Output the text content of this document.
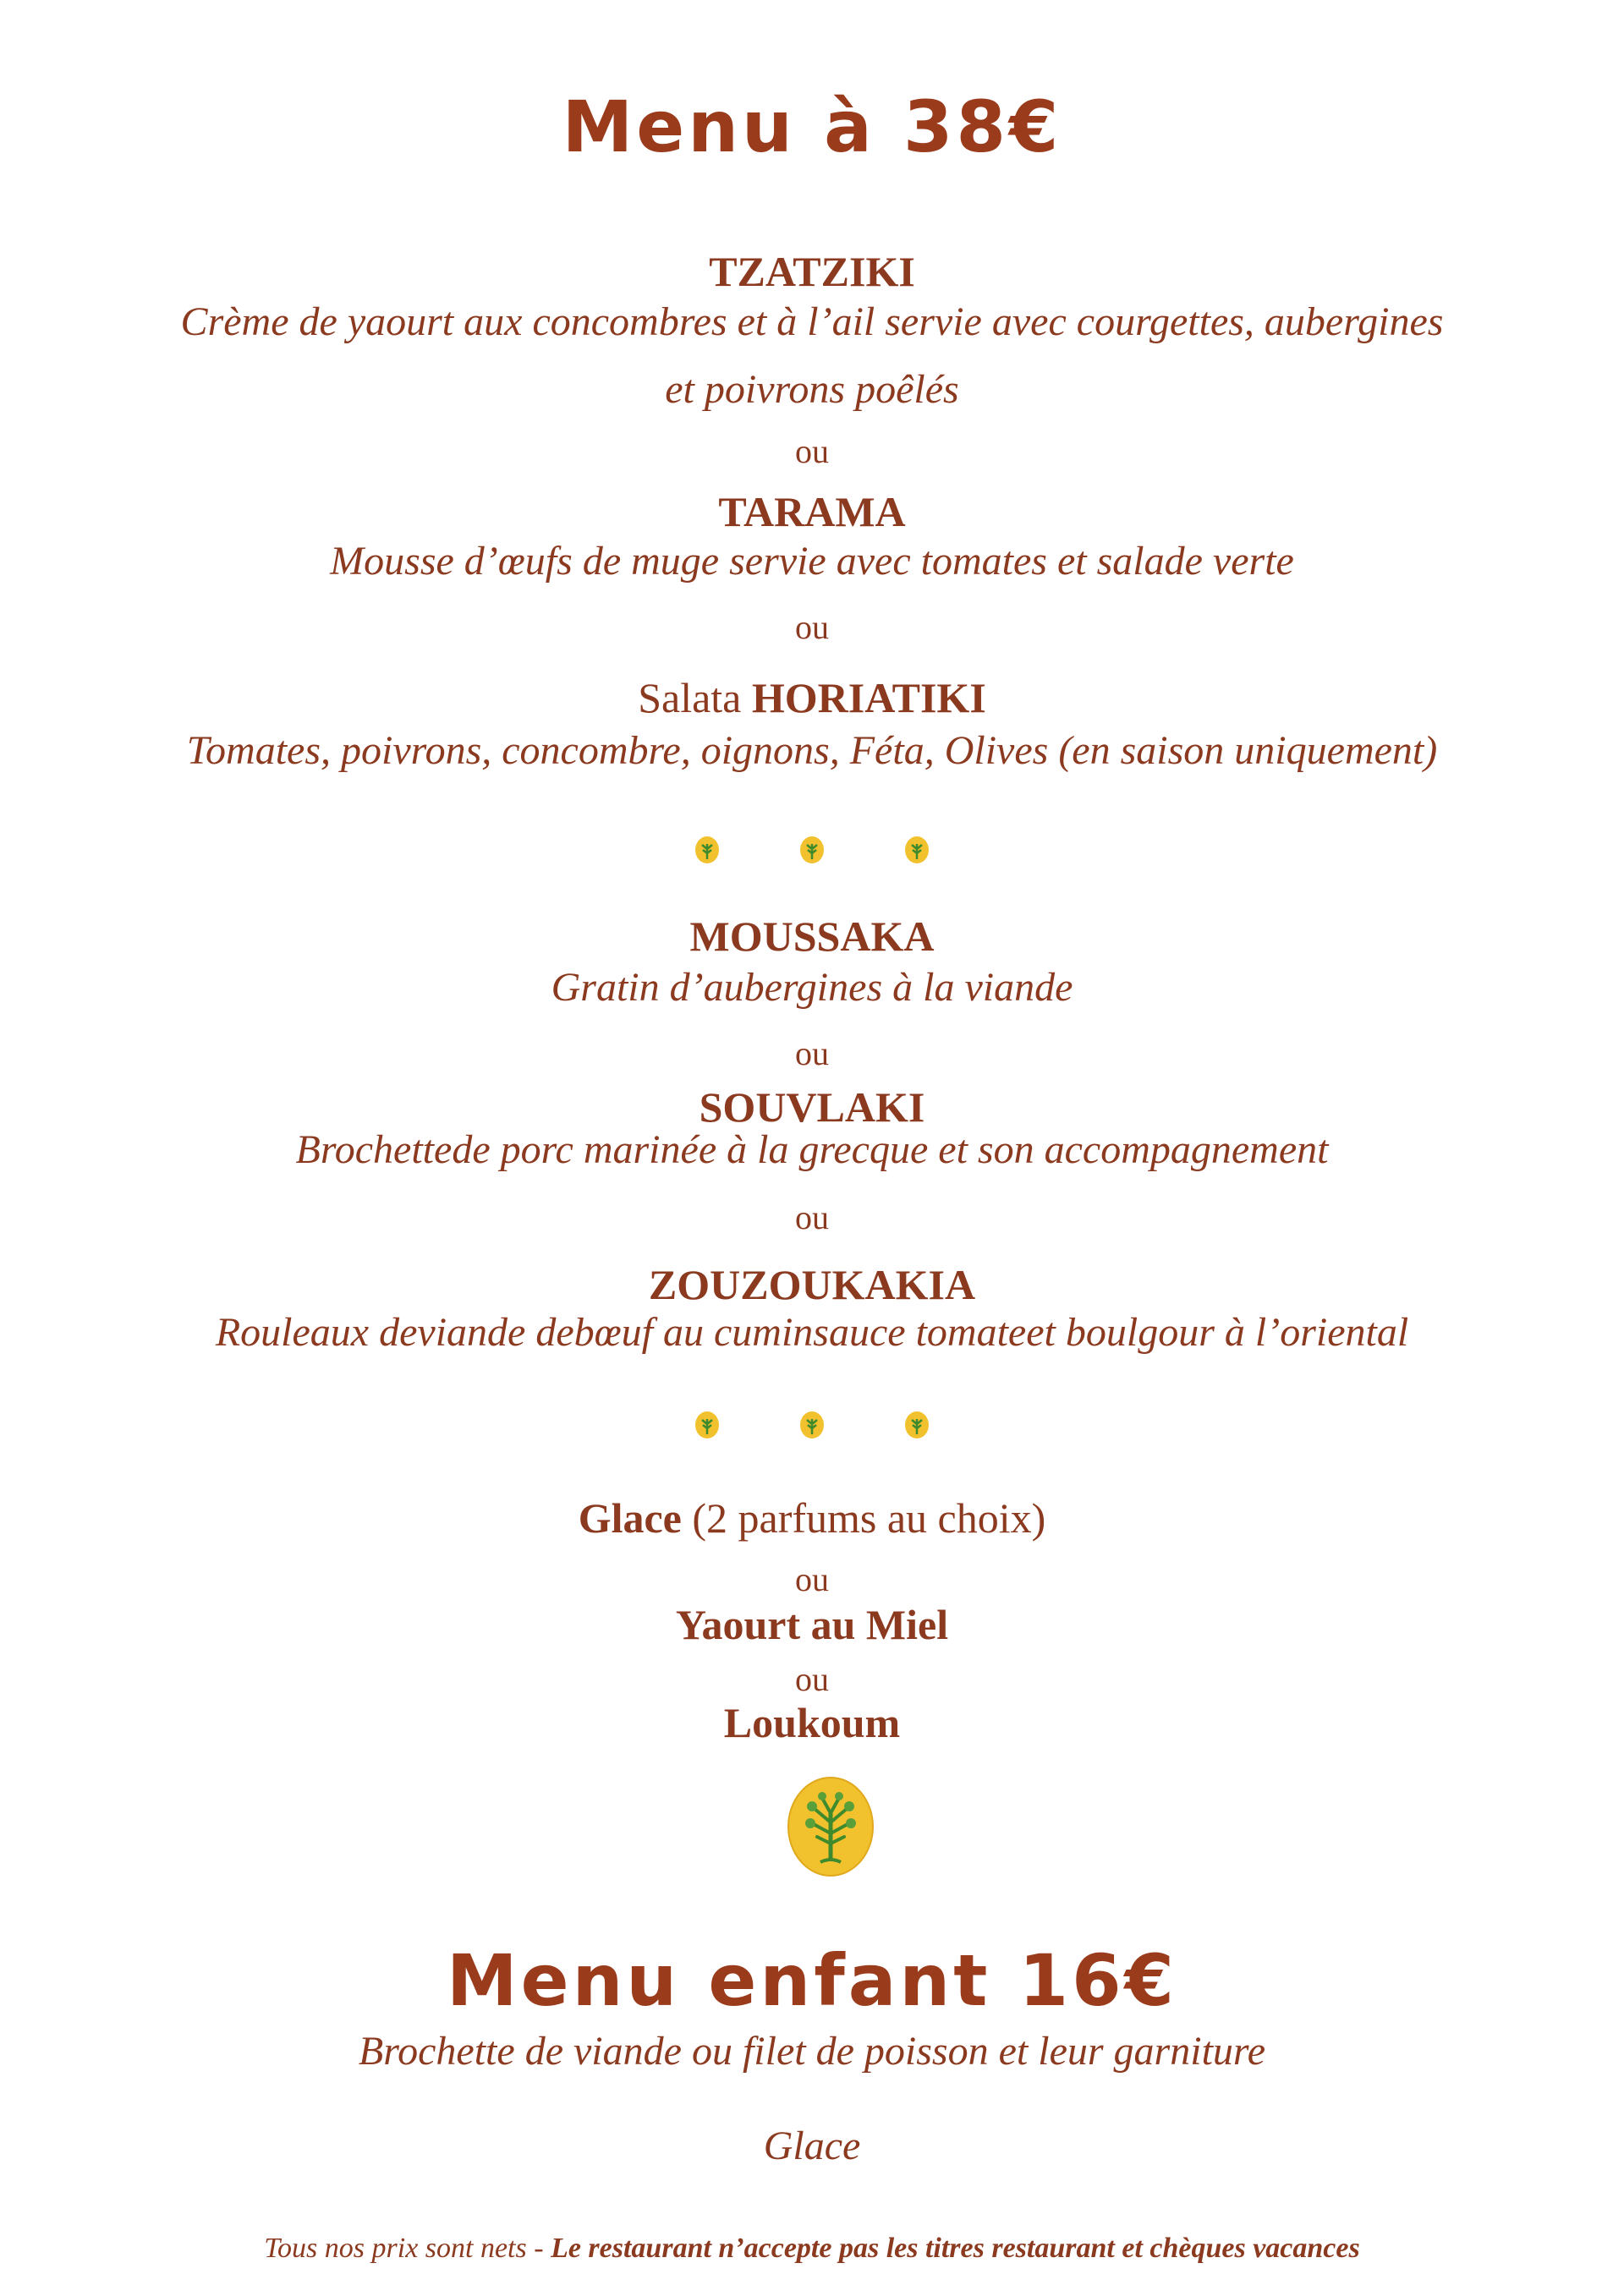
Menu à 38€
TZATZIKI
Crème de yaourt aux concombres et à l’ail servie avec courgettes, aubergines
et poivrons poêlés
ou
TARAMA
Mousse d’œufs de muge servie avec tomates et salade verte
ou
Salata HORIATIKI
Tomates, poivrons, concombre, oignons, Féta, Olives (en saison uniquement)
MOUSSAKA
Gratin d’aubergines à la viande
ou
SOUVLAKI
Brochettede porc marinée à la grecque et son accompagnement
ou
ZOUZOUKAKIA
Rouleaux deviande debœuf au cuminsauce tomateet boulgour à l’oriental
Glace (2 parfums au choix)
ou
Yaourt au Miel
ou
Loukoum
Menu enfant 16€
Brochette de viande ou filet de poisson et leur garniture
Glace
Tous nos prix sont nets - Le restaurant n’accepte pas les titres restaurant et chèques vacances
